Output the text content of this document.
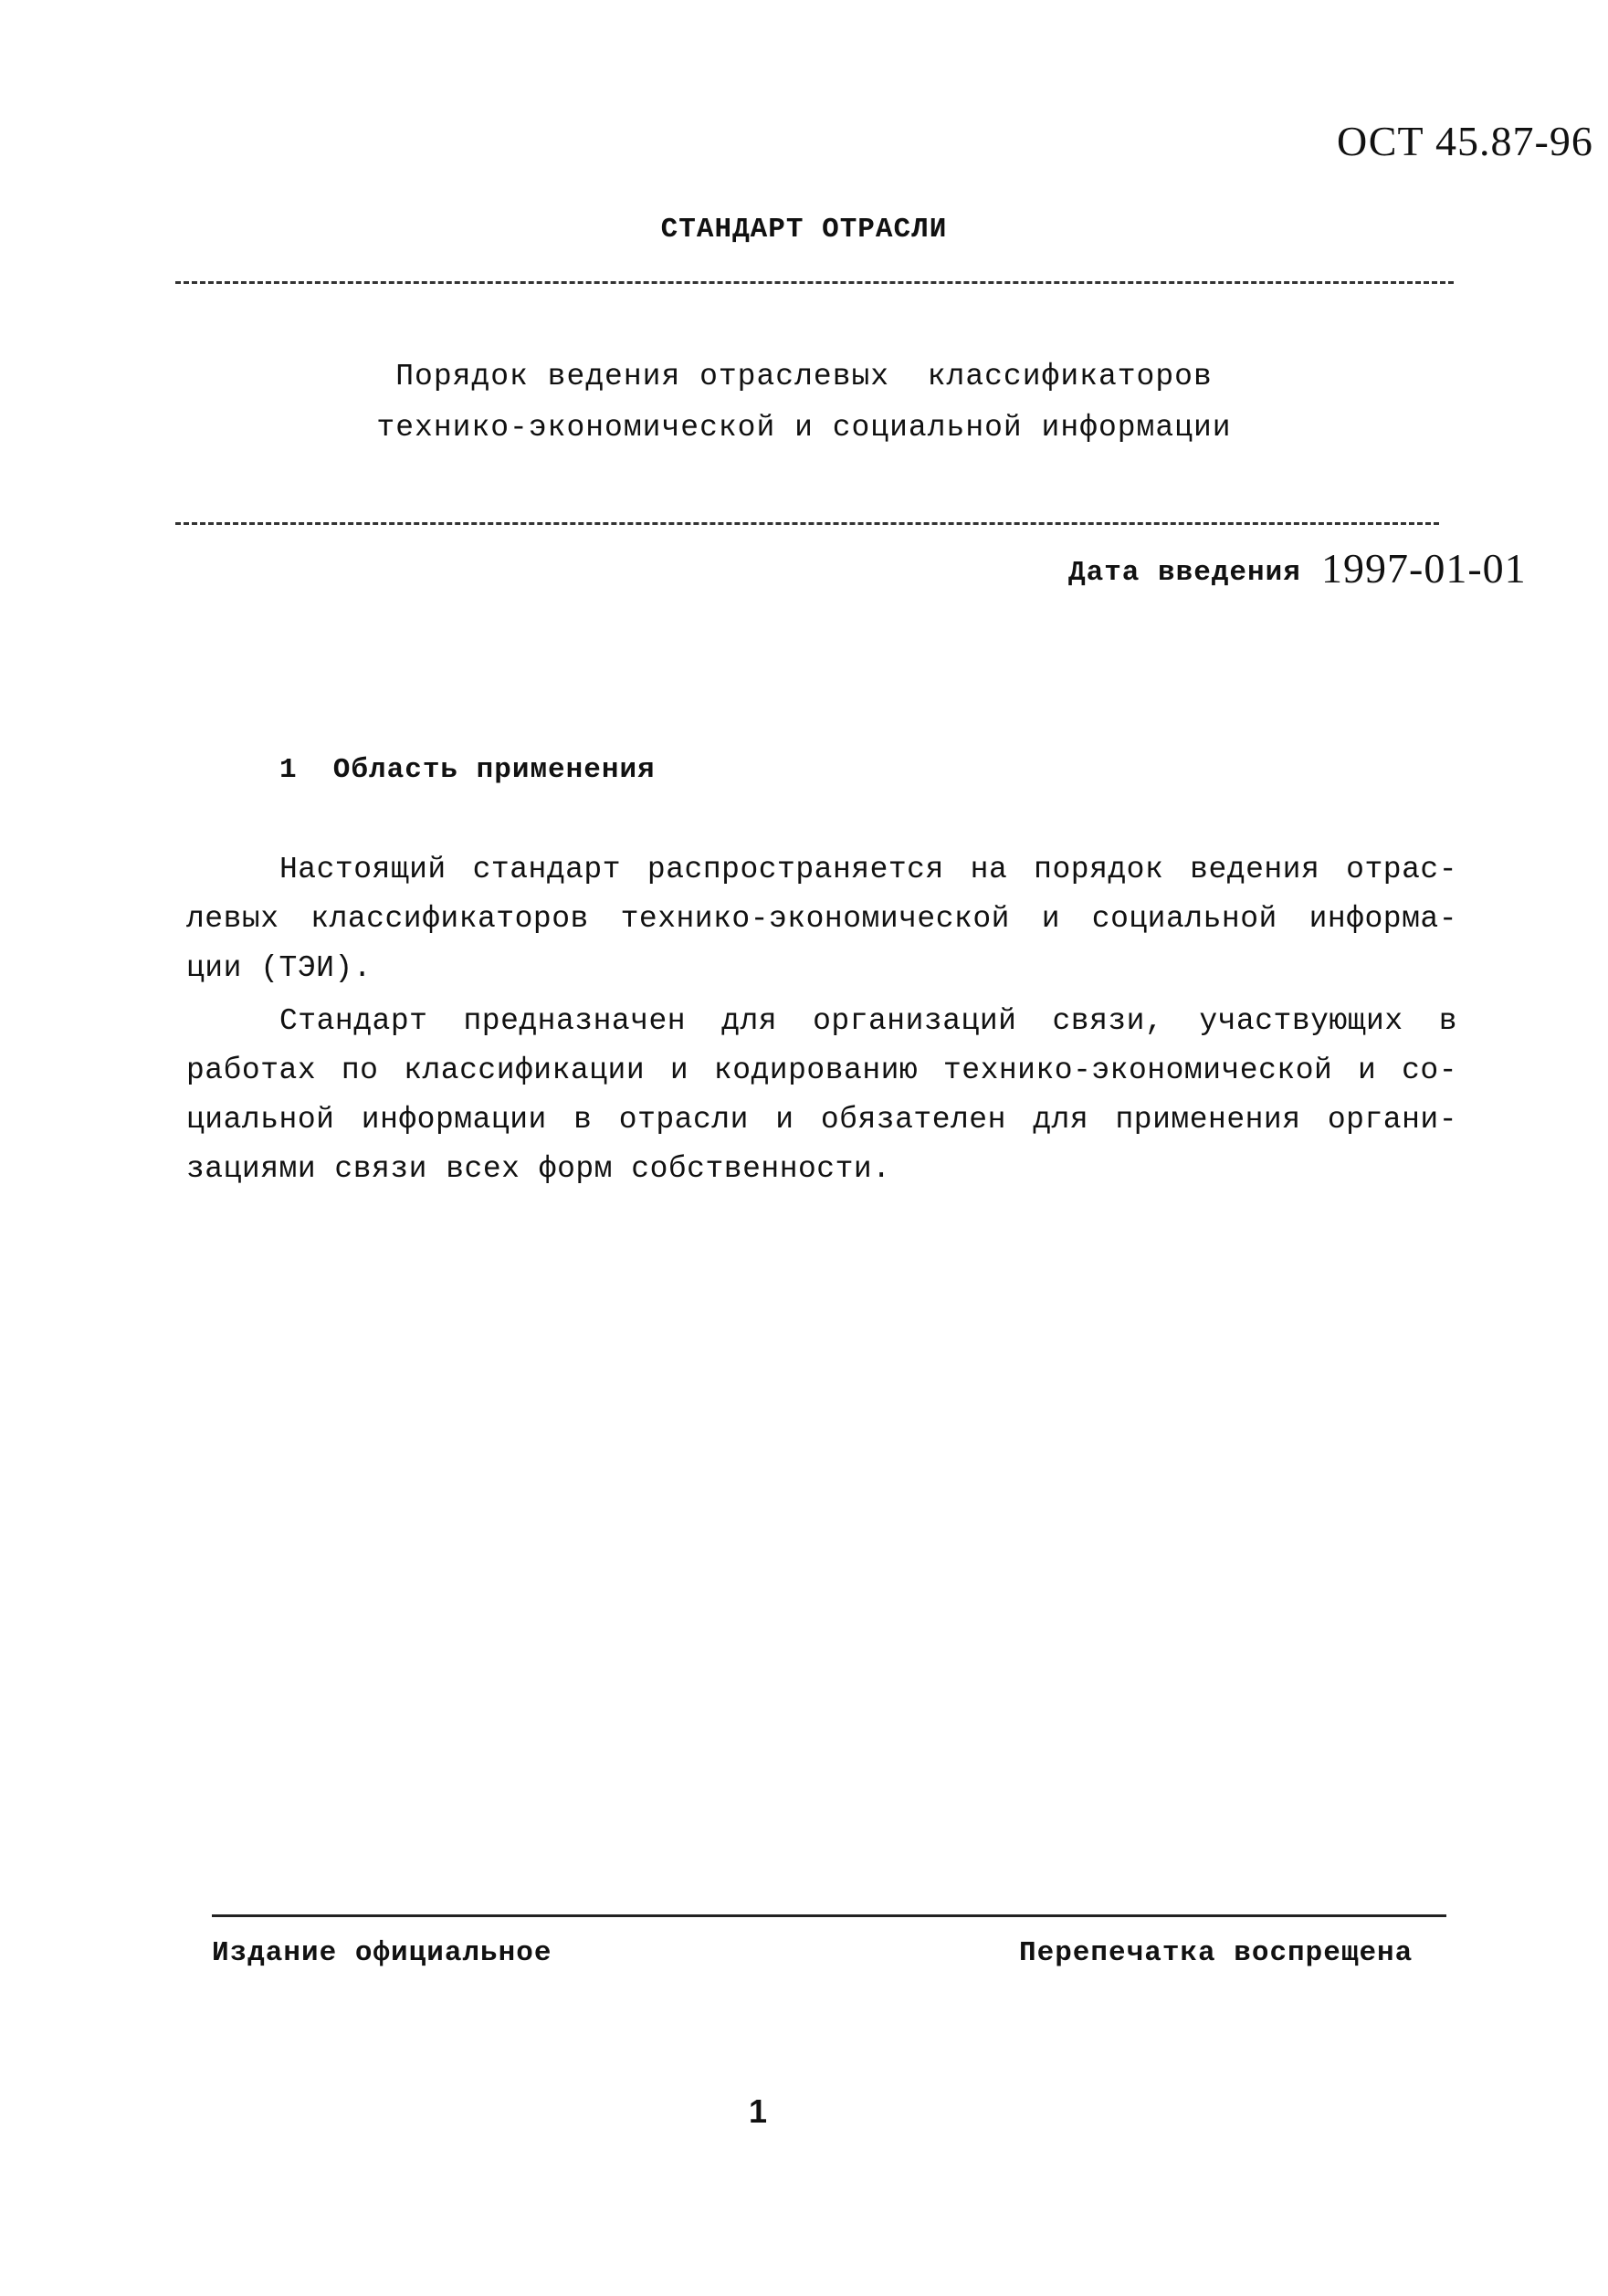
ОСТ 45.87-96
СТАНДАРТ ОТРАСЛИ
Порядок ведения отраслевых  классификаторов
технико-экономической и социальной информации
Дата введения 1997-01-01
1  Область применения
Настоящий стандарт распространяется на порядок ведения отрас-
левых классификаторов технико-экономической и социальной информа-
ции (ТЭИ).
Стандарт предназначен для организаций связи, участвующих в
работах по классификации и кодированию технико-экономической и со-
циальной информации в отрасли и обязателен для применения органи-
зациями связи всех форм собственности.
Издание официальное	Перепечатка воспрещена
1
